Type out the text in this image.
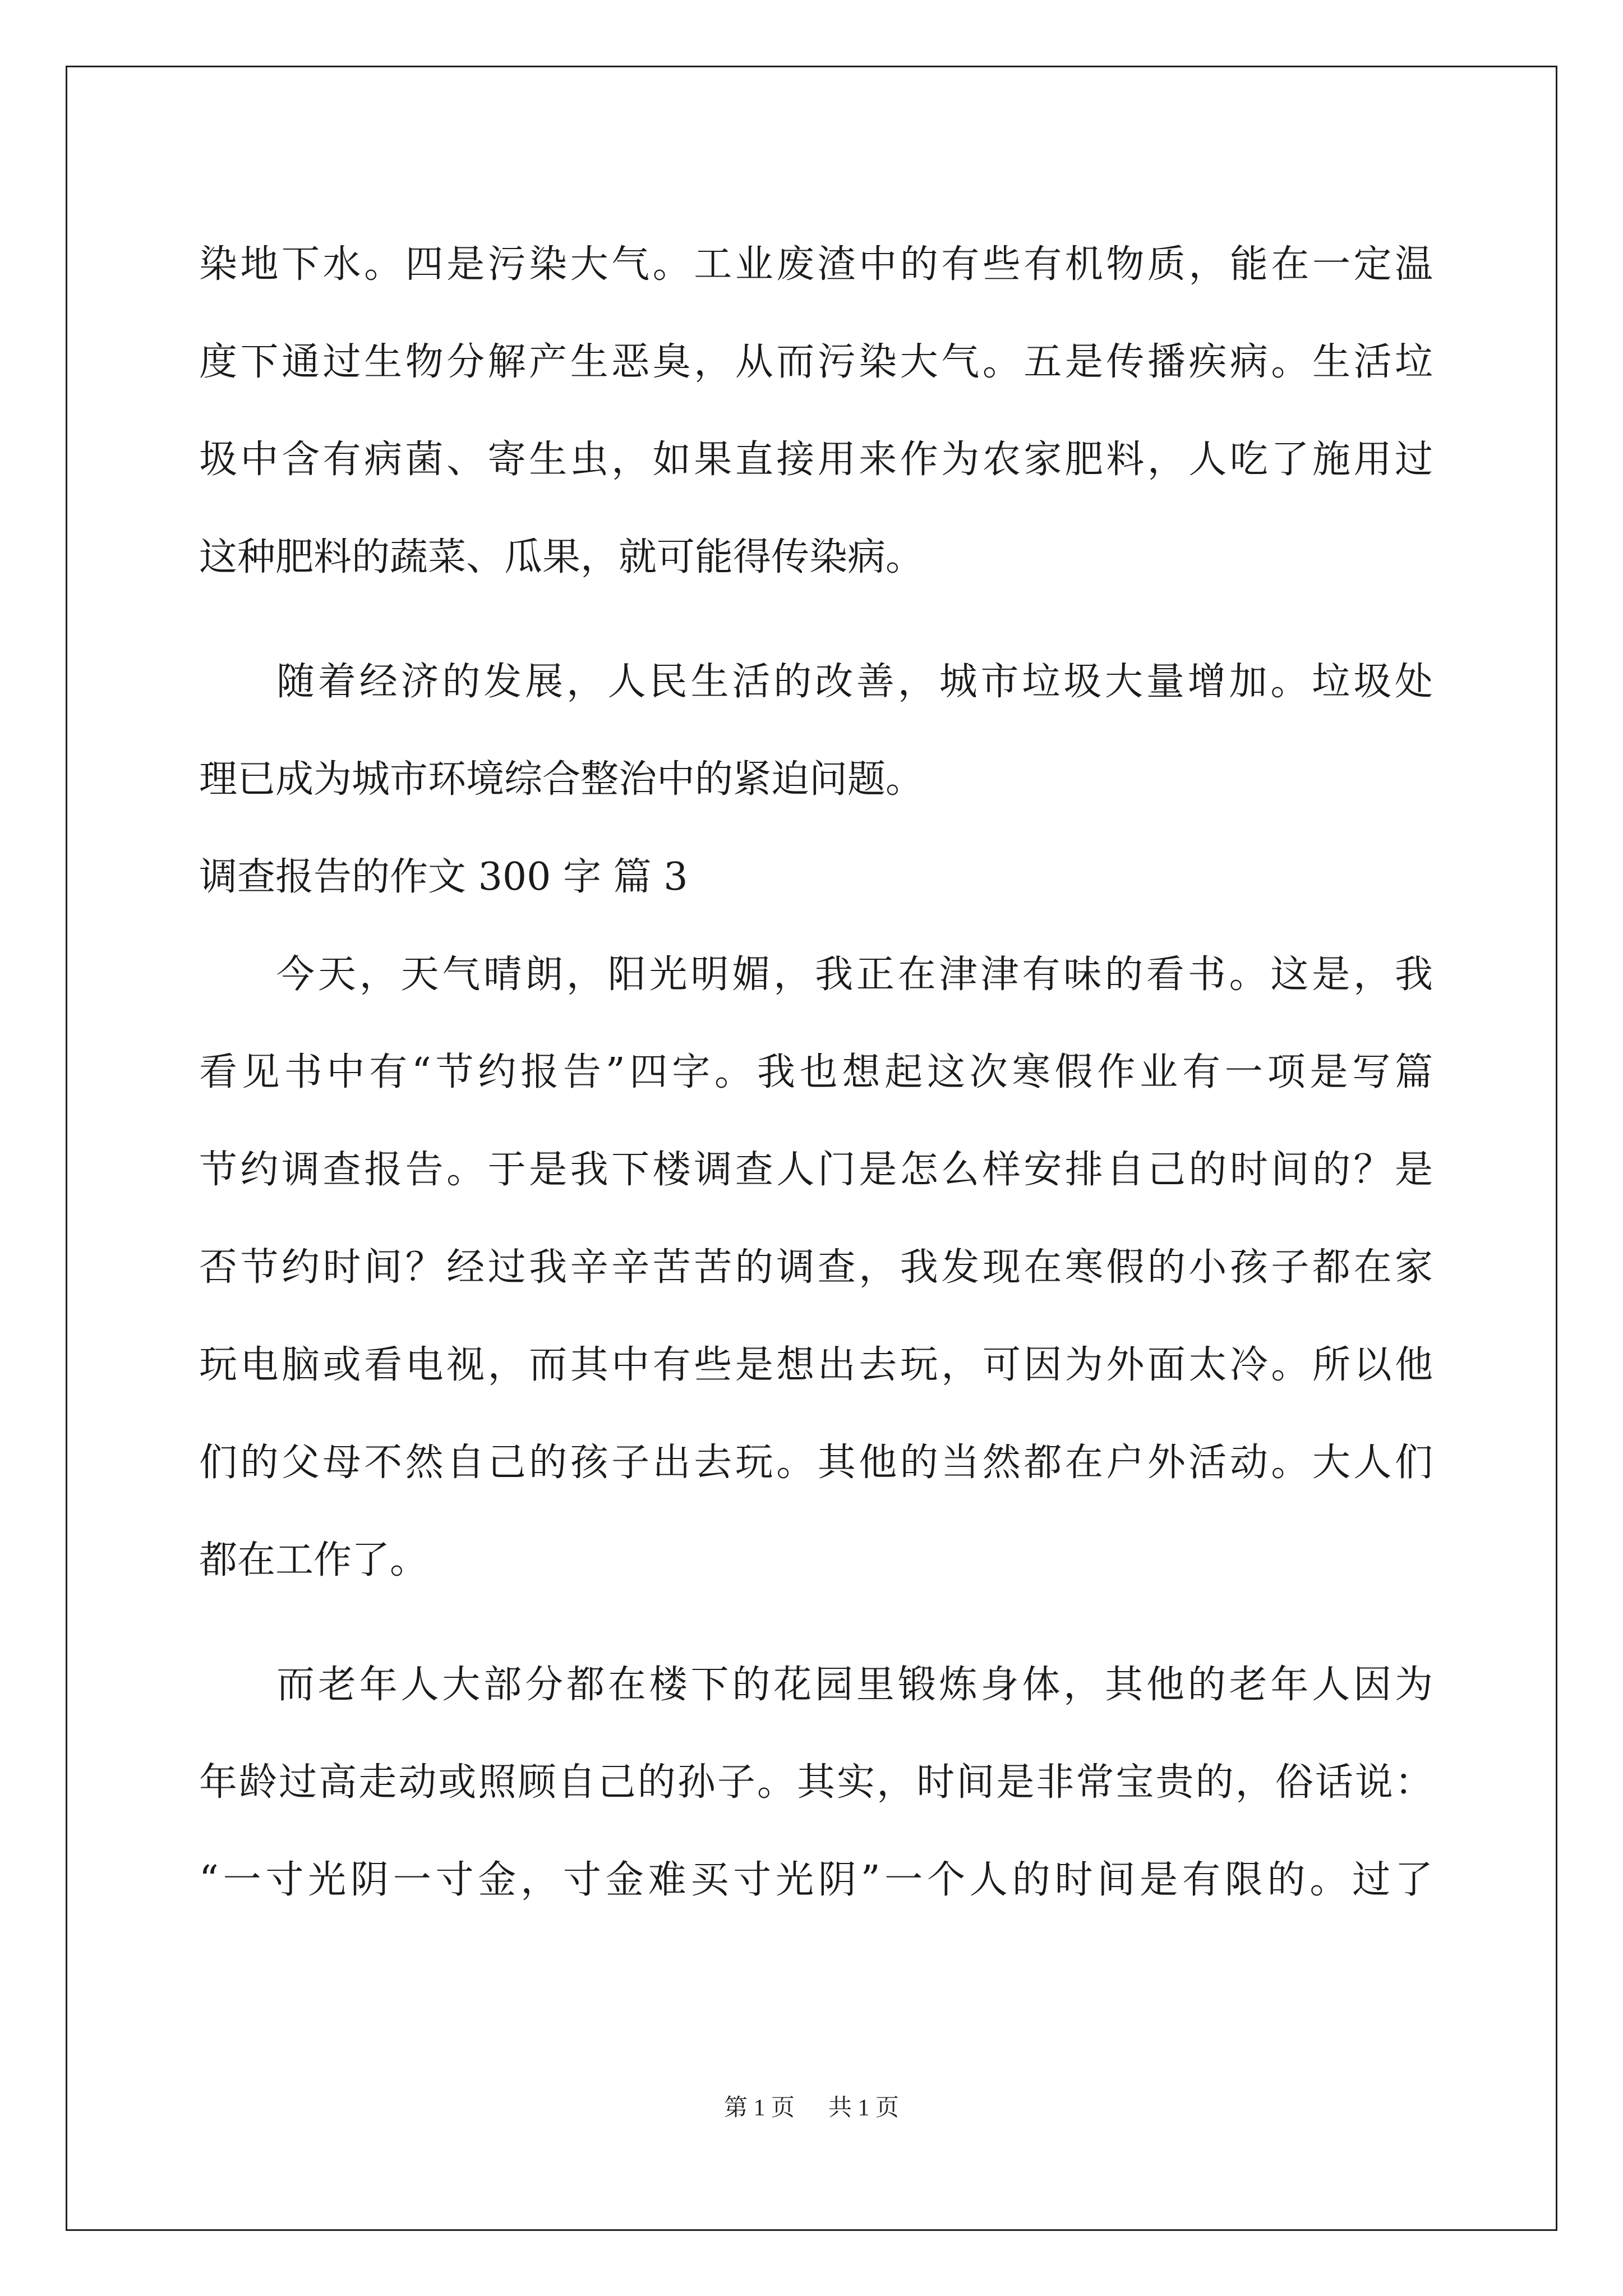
染地下水。四是污染大气。工业废渣中的有些有机物质，能在一定温
度下通过生物分解产生恶臭，从而污染大气。五是传播疾病。生活垃
圾中含有病菌、寄生虫，如果直接用来作为农家肥料，人吃了施用过
这种肥料的蔬菜、瓜果，就可能得传染病。
随着经济的发展，人民生活的改善，城市垃圾大量增加。垃圾处
理已成为城市环境综合整治中的紧迫问题。
调查报告的作文 300 字 篇 3
今天，天气晴朗，阳光明媚，我正在津津有味的看书。这是，我
看见书中有“节约报告”四字。我也想起这次寒假作业有一项是写篇
节约调查报告。于是我下楼调查人门是怎么样安排自己的时间的？是
否节约时间？经过我辛辛苦苦的调查，我发现在寒假的小孩子都在家
玩电脑或看电视，而其中有些是想出去玩，可因为外面太冷。所以他
们的父母不然自己的孩子出去玩。其他的当然都在户外活动。大人们
都在工作了。
而老年人大部分都在楼下的花园里锻炼身体，其他的老年人因为
年龄过高走动或照顾自己的孙子。其实，时间是非常宝贵的，俗话说：
“一寸光阴一寸金，寸金难买寸光阴”一个人的时间是有限的。过了
第 1 页 共 1 页
